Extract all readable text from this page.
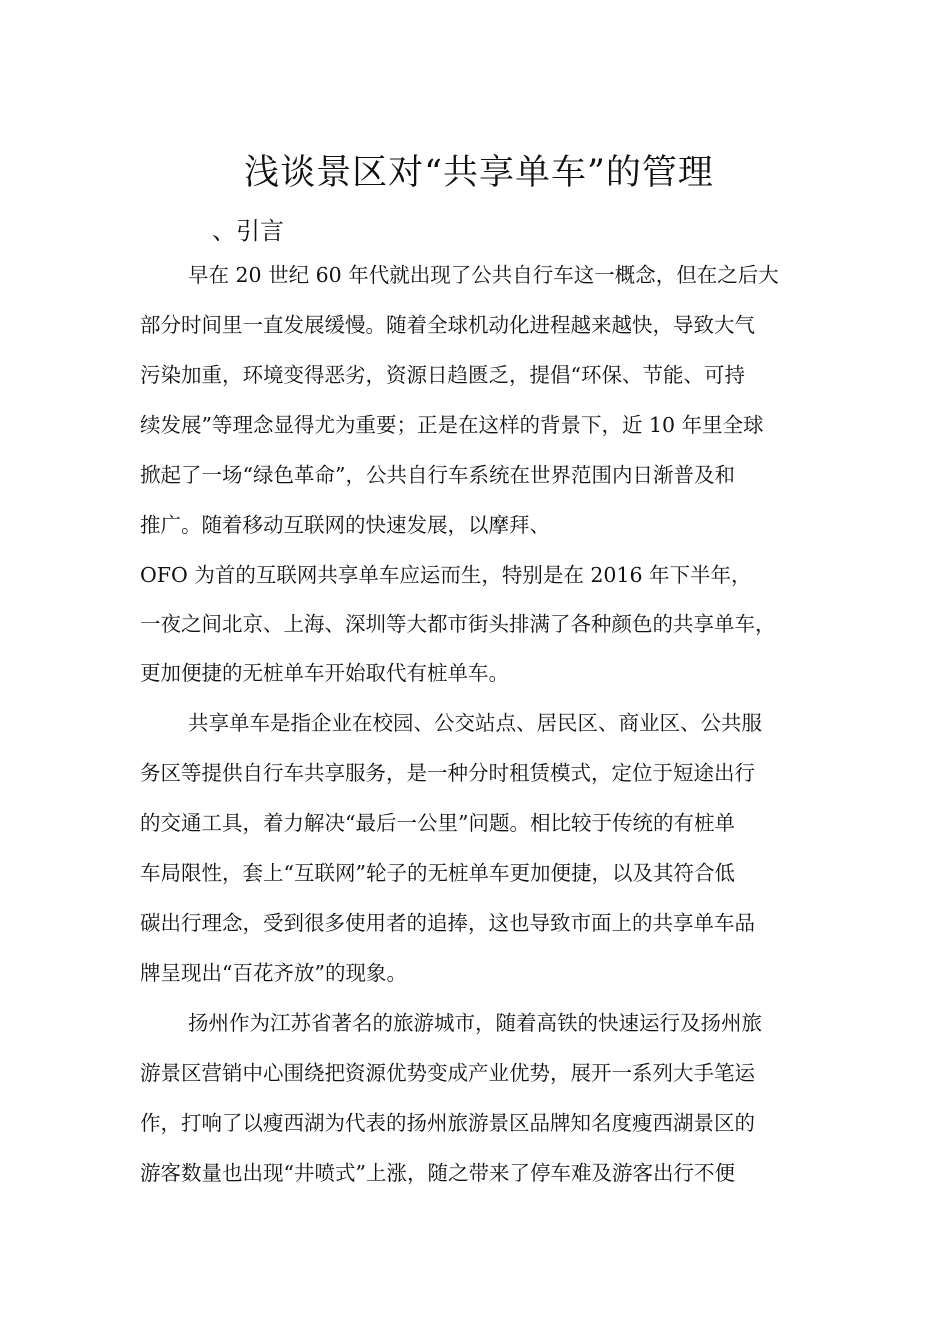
浅谈景区对“共享单车”的管理
、引言
早在 20 世纪 60 年代就出现了公共自行车这一概念，但在之后大
部分时间里一直发展缓慢。随着全球机动化进程越来越快，导致大气
污染加重，环境变得恶劣，资源日趋匮乏，提倡“环保、节能、可持
续发展”等理念显得尤为重要；正是在这样的背景下，近 10 年里全球
掀起了一场“绿色革命”，公共自行车系统在世界范围内日渐普及和
推广。随着移动互联网的快速发展，以摩拜、
OFO 为首的互联网共享单车应运而生，特别是在 2016 年下半年，
一夜之间北京、上海、深圳等大都市街头排满了各种颜色的共享单车，
更加便捷的无桩单车开始取代有桩单车。
共享单车是指企业在校园、公交站点、居民区、商业区、公共服
务区等提供自行车共享服务，是一种分时租赁模式，定位于短途出行
的交通工具，着力解决“最后一公里”问题。相比较于传统的有桩单
车局限性，套上“互联网”轮子的无桩单车更加便捷，以及其符合低
碳出行理念，受到很多使用者的追捧，这也导致市面上的共享单车品
牌呈现出“百花齐放”的现象。
扬州作为江苏省著名的旅游城市，随着高铁的快速运行及扬州旅
游景区营销中心围绕把资源优势变成产业优势，展开一系列大手笔运
作，打响了以瘦西湖为代表的扬州旅游景区品牌知名度瘦西湖景区的
游客数量也出现“井喷式”上涨，随之带来了停车难及游客出行不便
